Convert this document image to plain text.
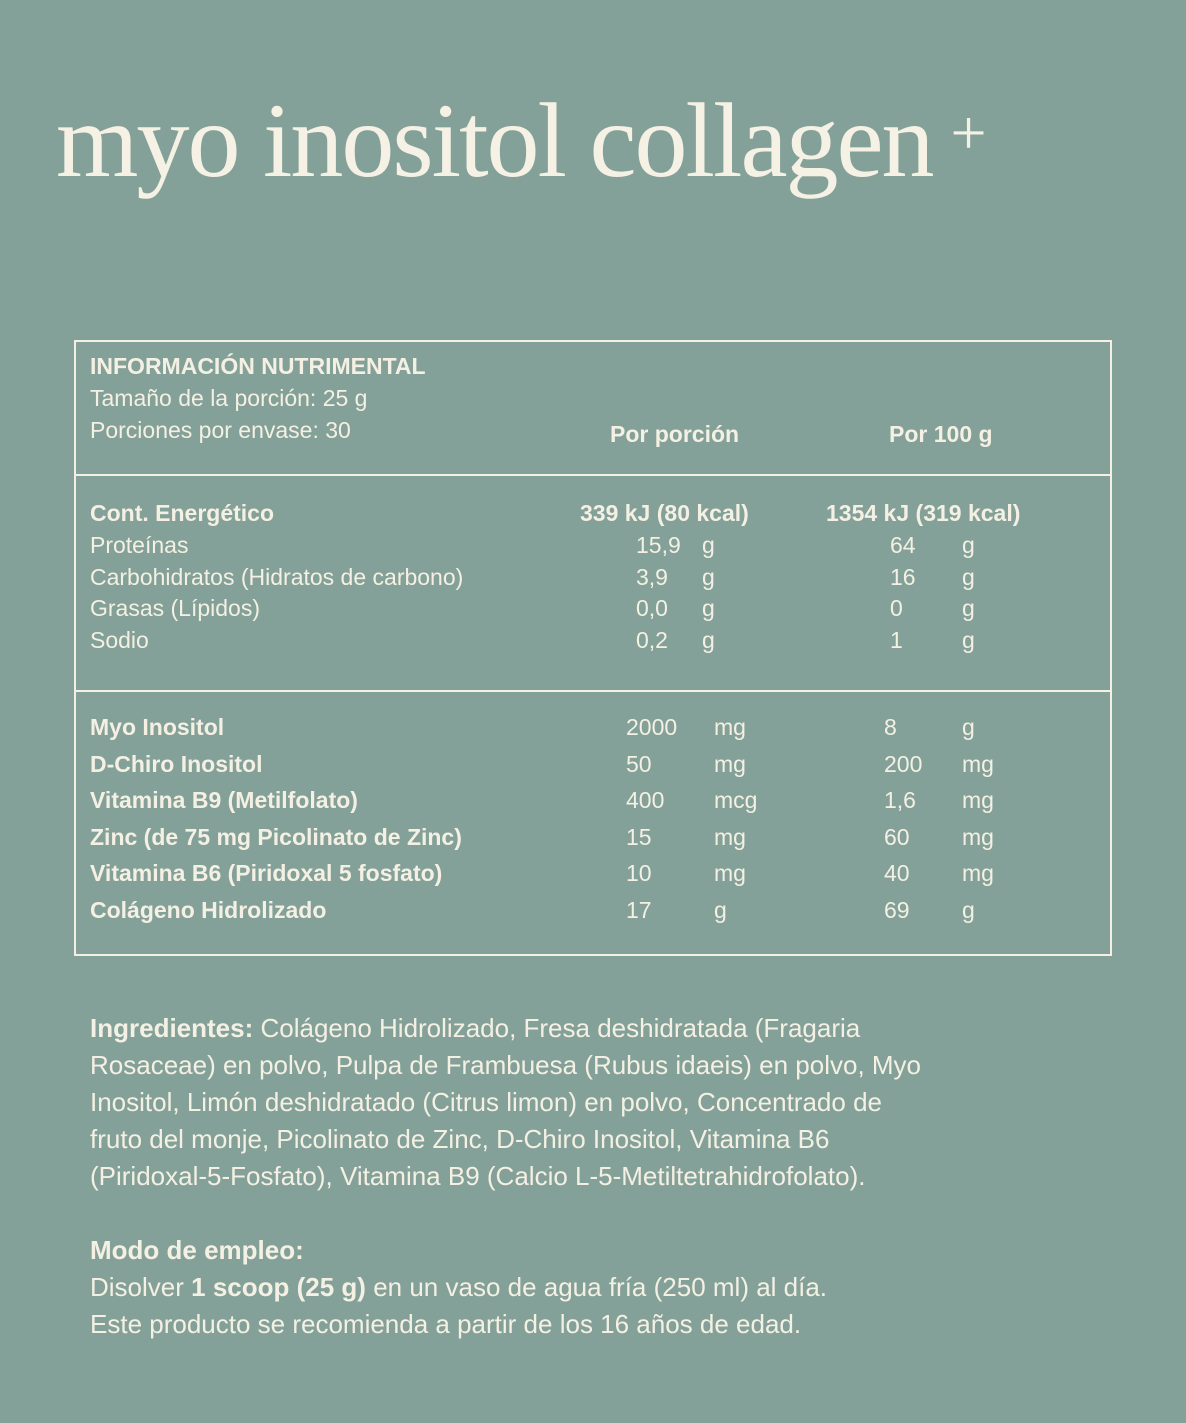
myo inositol collagen +
INFORMACIÓN NUTRIMENTAL
Tamaño de la porción: 25 g
Porciones por envase: 30	Por porción	Por 100 g
Cont. Energético	339 kJ (80 kcal)	1354 kJ (319 kcal)
Proteínas	15,9 g	64 g
Carbohidratos (Hidratos de carbono)	3,9 g	16 g
Grasas (Lípidos)	0,0 g	0	g
Sodio	0,2 g	1	g
Myo Inositol	2000 mg	8	g
D-Chiro Inositol	50	mg	200 mg
Vitamina B9 (Metilfolato)	400 mcg	1,6 mg
Zinc (de 75 mg Picolinato de Zinc)	15	mg	60 mg
Vitamina B6 (Piridoxal 5 fosfato)	10	mg	40 mg
Colágeno Hidrolizado	17	g	69 g
Ingredientes: Colágeno Hidrolizado, Fresa deshidratada (Fragaria
Rosaceae) en polvo, Pulpa de Frambuesa (Rubus idaeis) en polvo, Myo
Inositol, Limón deshidratado (Citrus limon) en polvo, Concentrado de
fruto del monje, Picolinato de Zinc, D-Chiro Inositol, Vitamina B6
(Piridoxal-5-Fosfato), Vitamina B9 (Calcio L-5-Metiltetrahidrofolato).
Modo de empleo:
Disolver 1 scoop (25 g) en un vaso de agua fría (250 ml) al día.
Este producto se recomienda a partir de los 16 años de edad.
